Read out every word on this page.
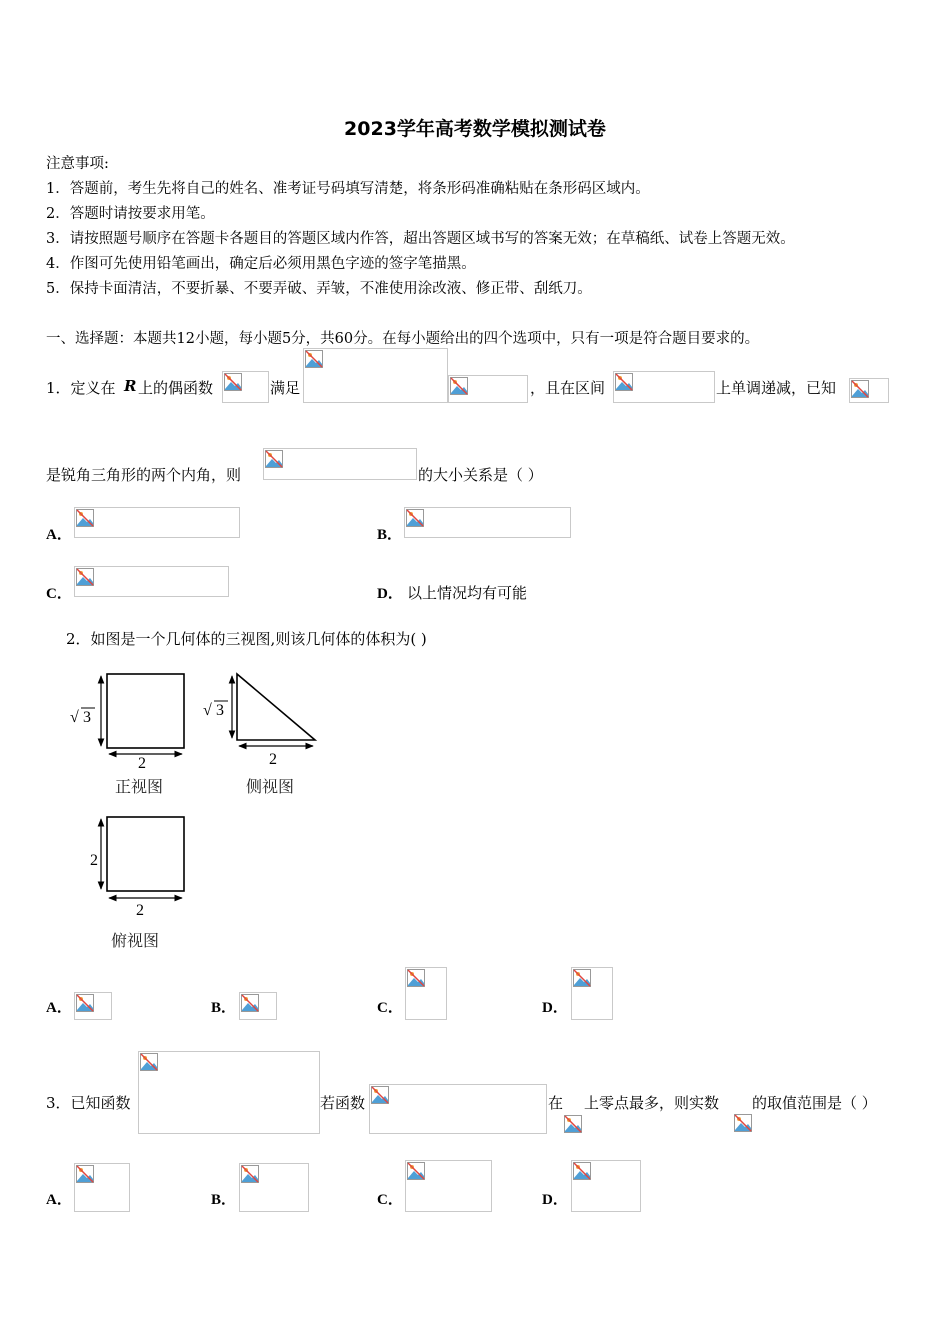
2023学年高考数学模拟测试卷
注意事项:
1．答题前，考生先将自己的姓名、准考证号码填写清楚，将条形码准确粘贴在条形码区域内。
2．答题时请按要求用笔。
3．请按照题号顺序在答题卡各题目的答题区域内作答，超出答题区域书写的答案无效；在草稿纸、试卷上答题无效。
4．作图可先使用铅笔画出，确定后必须用黑色字迹的签字笔描黑。
5．保持卡面清洁，不要折暴、不要弄破、弄皱，不准使用涂改液、修正带、刮纸刀。
一、选择题：本题共12小题，每小题5分，共60分。在每小题给出的四个选项中，只有一项是符合题目要求的。
1．定义在 R 上的偶函数	满足	，且在区间	上单调递减，已知
是锐角三角形的两个内角，则	的大小关系是（ ）
A．	B．
C．	D． 以上情况均有可能
2．如图是一个几何体的三视图,则该几何体的体积为( )
√ 3
2
正视图
√ 3
2
侧视图
2
2
俯视图
A．	B．	C．	D．
3．已知函数	若函数	在 上零点最多，则实数 的取值范围是（ ）
A．	B．	C．	D．
